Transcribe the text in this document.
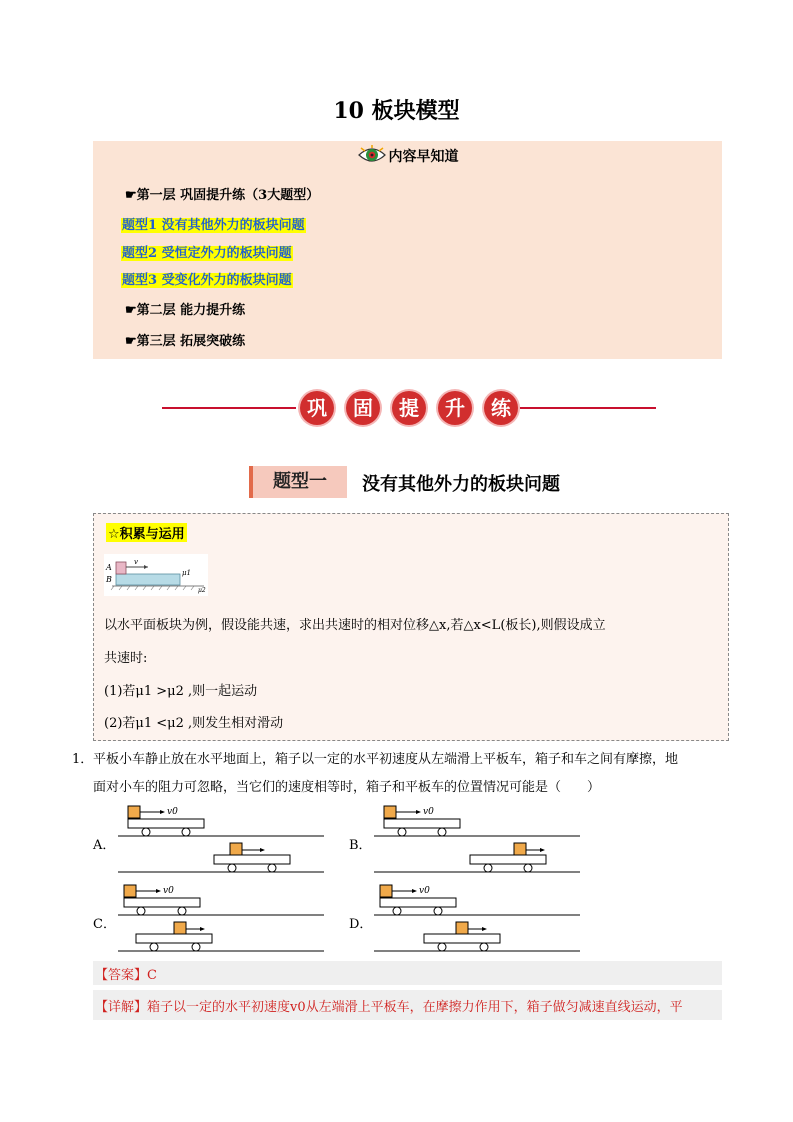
10 板块模型
内容早知道
☛第一层 巩固提升练（3大题型）
题型1 没有其他外力的板块问题
题型2 受恒定外力的板块问题
题型3 受变化外力的板块问题
☛第二层 能力提升练
☛第三层 拓展突破练
巩	固	提	升	练
题型一	没有其他外力的板块问题
☆积累与运用
A
B
v
μ1
μ2
以水平面板块为例，假设能共速，求出共速时的相对位移△x,若△x<L(板长),则假设成立
共速时:
(1)若μ1 >μ2 ,则一起运动
(2)若μ1 <μ2 ,则发生相对滑动
1． 平板小车静止放在水平地面上，箱子以一定的水平初速度从左端滑上平板车，箱子和车之间有摩擦，地
面对小车的阻力可忽略，当它们的速度相等时，箱子和平板车的位置情况可能是（　　）
A．	B．
C．	D．
v0	v0
v0	v0
【答案】C
【详解】箱子以一定的水平初速度v0从左端滑上平板车，在摩擦力作用下，箱子做匀减速直线运动，平
